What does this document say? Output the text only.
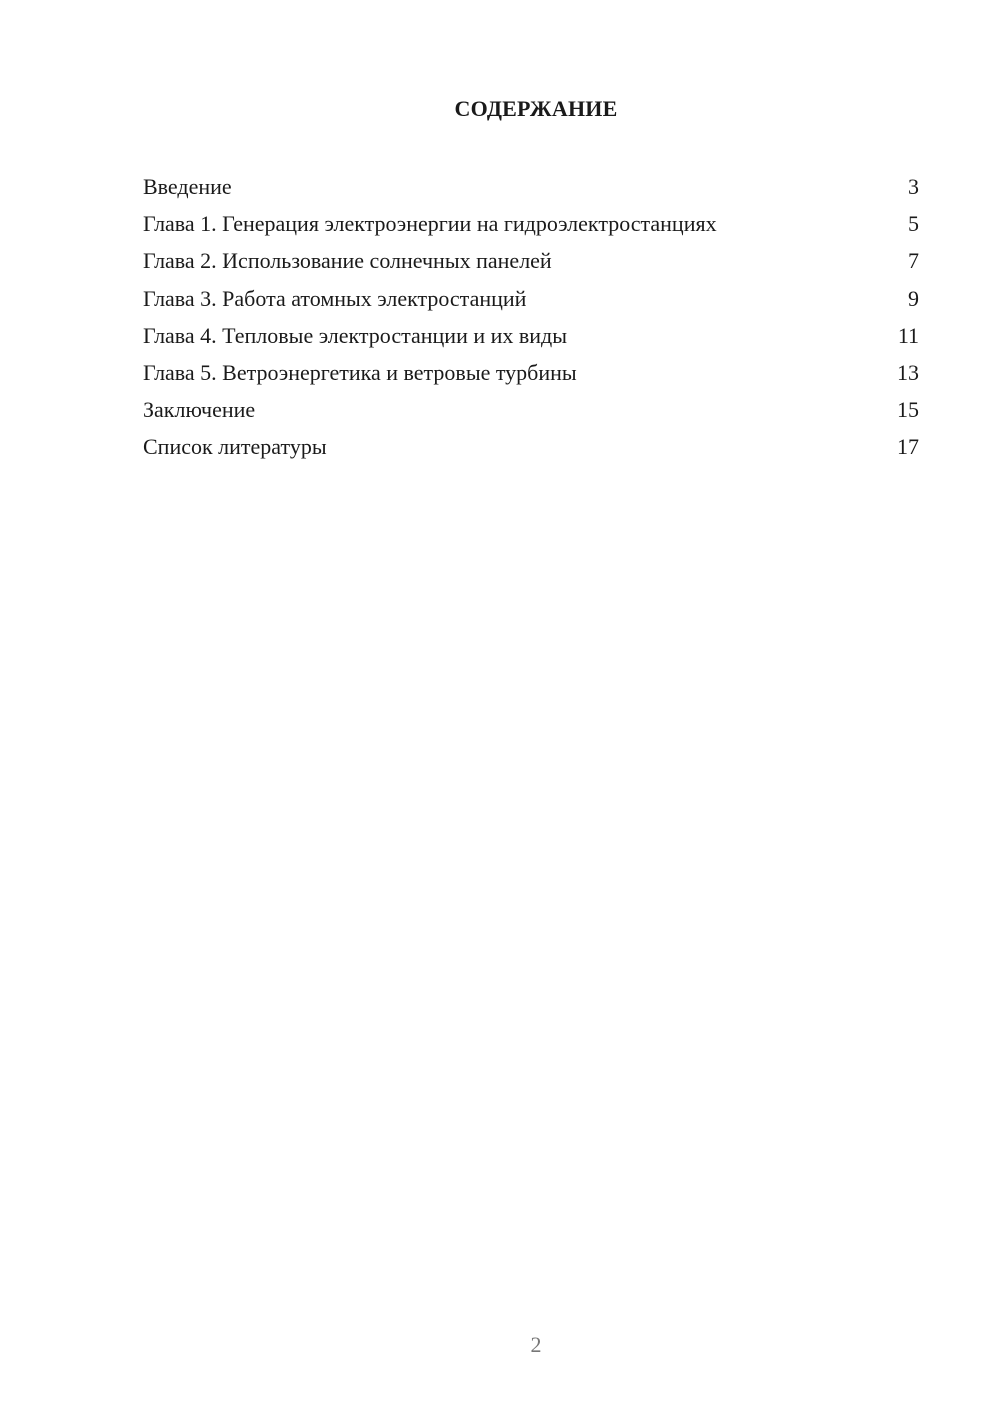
СОДЕРЖАНИЕ
Введение	3
Глава 1. Генерация электроэнергии на гидроэлектростанциях	5
Глава 2. Использование солнечных панелей	7
Глава 3. Работа атомных электростанций	9
Глава 4. Тепловые электростанции и их виды	11
Глава 5. Ветроэнергетика и ветровые турбины	13
Заключение	15
Список литературы	17
2
